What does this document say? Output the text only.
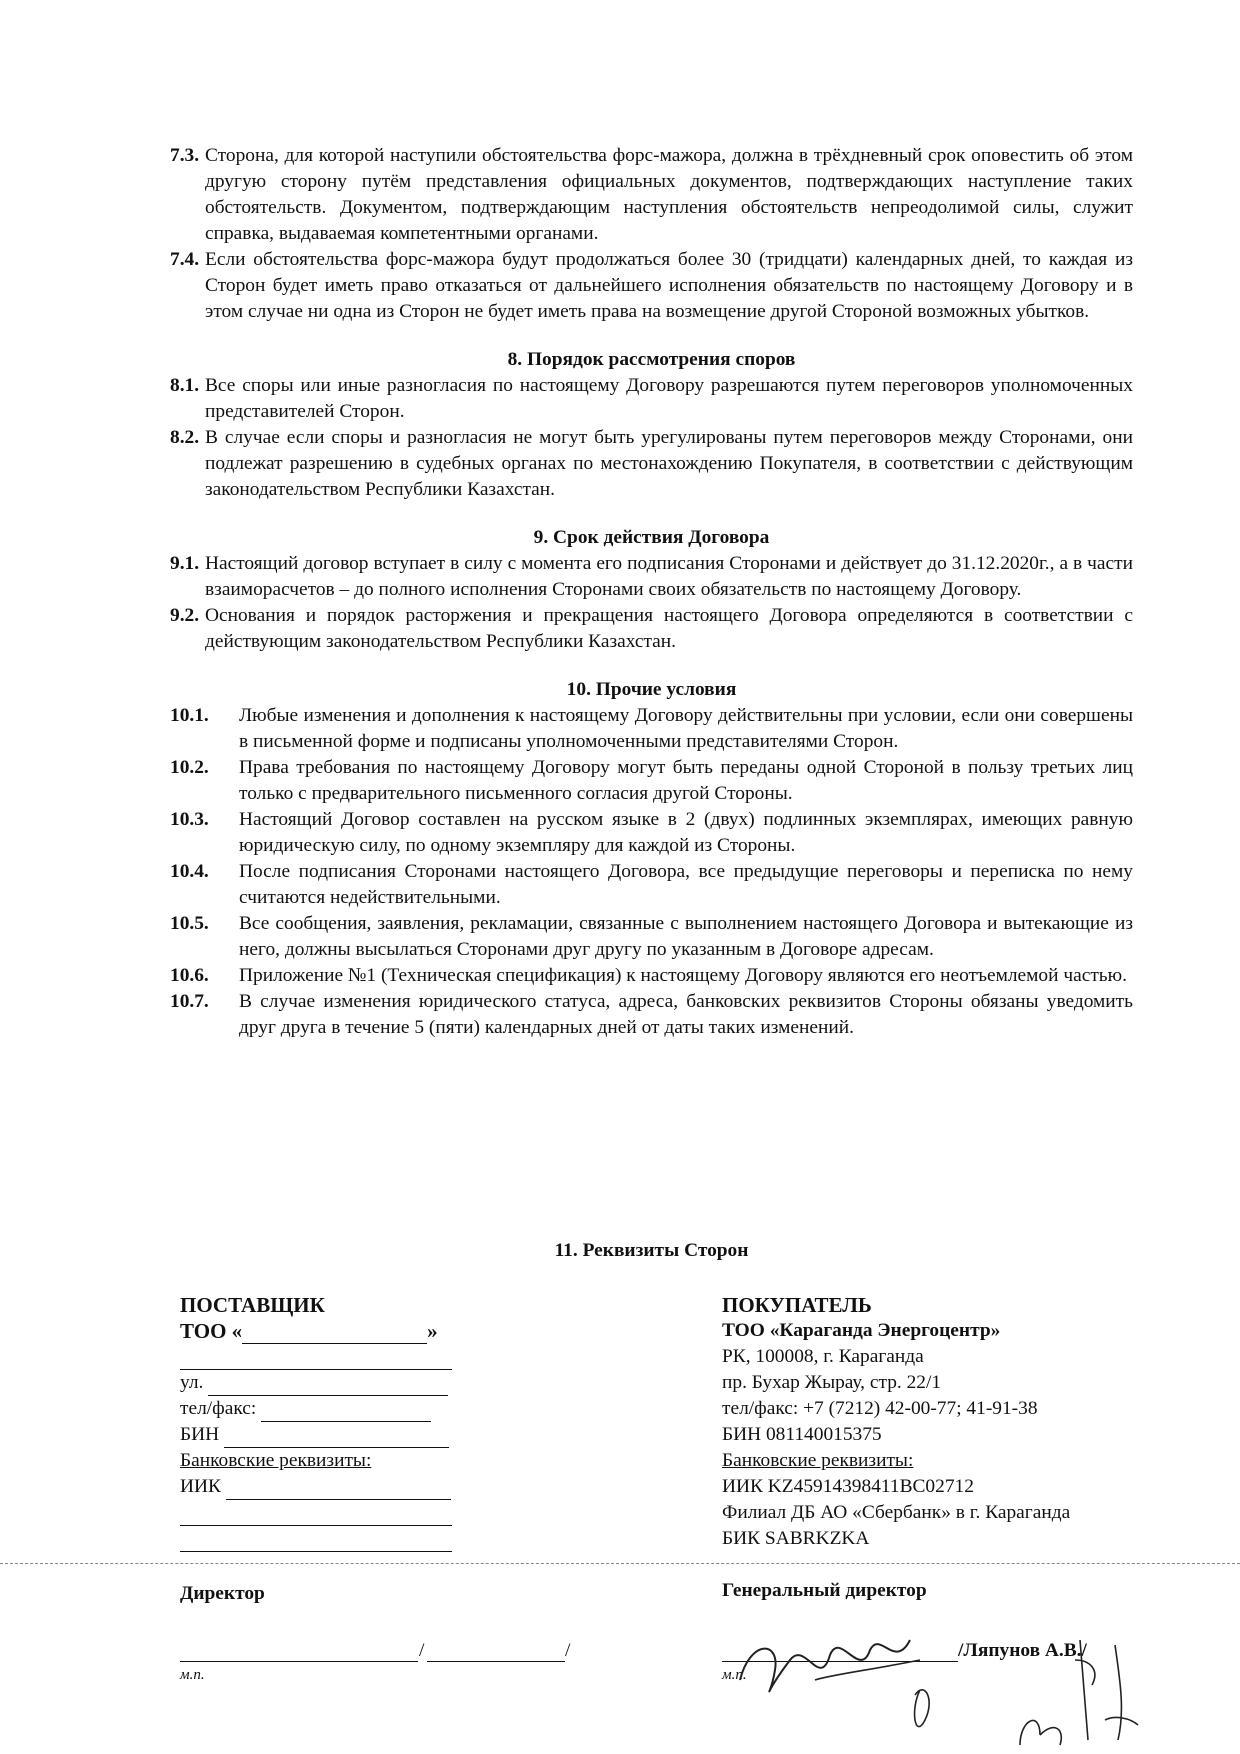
7.3. Сторона, для которой наступили обстоятельства форс-мажора, должна в трёхдневный срок оповестить об этом другую сторону путём представления официальных документов, подтверждающих наступление таких обстоятельств. Документом, подтверждающим наступления обстоятельств непреодолимой силы, служит справка, выдаваемая компетентными органами.
7.4. Если обстоятельства форс-мажора будут продолжаться более 30 (тридцати) календарных дней, то каждая из Сторон будет иметь право отказаться от дальнейшего исполнения обязательств по настоящему Договору и в этом случае ни одна из Сторон не будет иметь права на возмещение другой Стороной возможных убытков.

8. Порядок рассмотрения споров

8.1. Все споры или иные разногласия по настоящему Договору разрешаются путем переговоров уполномоченных представителей Сторон.
8.2. В случае если споры и разногласия не могут быть урегулированы путем переговоров между Сторонами, они подлежат разрешению в судебных органах по местонахождению Покупателя, в соответствии с действующим законодательством Республики Казахстан.

9. Срок действия Договора

9.1. Настоящий договор вступает в силу с момента его подписания Сторонами и действует до 31.12.2020г., а в части взаиморасчетов – до полного исполнения Сторонами своих обязательств по настоящему Договору.
9.2. Основания и порядок расторжения и прекращения настоящего Договора определяются в соответствии с действующим законодательством Республики Казахстан.

10. Прочие условия

10.1.	Любые изменения и дополнения к настоящему Договору действительны при условии, если они совершены в письменной форме и подписаны уполномоченными представителями Сторон.
10.2.	Права требования по настоящему Договору могут быть переданы одной Стороной в пользу третьих лиц только с предварительного письменного согласия другой Стороны.
10.3.	Настоящий Договор составлен на русском языке в 2 (двух) подлинных экземплярах, имеющих равную юридическую силу, по одному экземпляру для каждой из Стороны.
10.4.	После подписания Сторонами настоящего Договора, все предыдущие переговоры и переписка по нему считаются недействительными.
10.5.	Все сообщения, заявления, рекламации, связанные с выполнением настоящего Договора и вытекающие из него, должны высылаться Сторонами друг другу по указанным в Договоре адресам.
10.6.	Приложение №1 (Техническая спецификация) к настоящему Договору являются его неотъемлемой частью.
10.7.	В случае изменения юридического статуса, адреса, банковских реквизитов Стороны обязаны уведомить друг друга в течение 5 (пяти) календарных дней от даты таких изменений.
11. Реквизиты Сторон
ПОСТАВЩИК
ТОО «	»
ул.
тел/факс:
БИН
Банковские реквизиты:
ИИК
ПОКУПАТЕЛЬ
ТОО «Караганда Энергоцентр»
РК, 100008, г. Караганда
пр. Бухар Жырау, стр. 22/1
тел/факс: +7 (7212) 42-00-77; 41-91-38
БИН 081140015375
Банковские реквизиты:
ИИК KZ45914398411BC02712
Филиал ДБ АО «Сбербанк» в г. Караганда
БИК SABRKZKA
Директор
/	/
м.п.
Генеральный директор
/Ляпунов А.В./
м.п.
